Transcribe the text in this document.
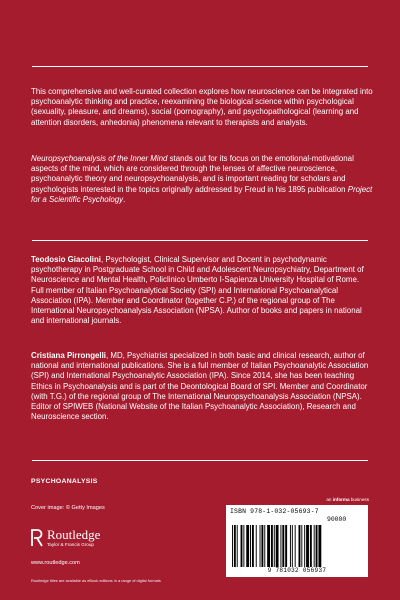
This comprehensive and well-curated collection explores how neuroscience can be integrated into psychoanalytic thinking and practice, reexamining the biological science within psychological (sexuality, pleasure, and dreams), social (pornography), and psychopathological (learning and attention disorders, anhedonia) phenomena relevant to therapists and analysts.

Neuropsychoanalysis of the Inner Mind stands out for its focus on the emotional-motivational aspects of the mind, which are considered through the lenses of affective neuroscience, psychoanalytic theory and neuropsychoanalysis, and is important reading for scholars and psychologists interested in the topics originally addressed by Freud in his 1895 publication Project for a Scientific Psychology.

Teodosio Giacolini, Psychologist, Clinical Supervisor and Docent in psychodynamic psychotherapy in Postgraduate School in Child and Adolescent Neuropsychiatry, Department of Neuroscience and Mental Health, Policlinico Umberto I-Sapienza University Hospital of Rome. Full member of Italian Psychoanalytical Society (SPI) and International Psychoanalytical Association (IPA). Member and Coordinator (together C.P.) of the regional group of The International Neuropsychoanalysis Association (NPSA). Author of books and papers in national and international journals.

Cristiana Pirrongelli, MD, Psychiatrist specialized in both basic and clinical research, author of national and international publications. She is a full member of Italian Psychoanalytic Association (SPI) and International Psychoanalytic Association (IPA). Since 2014, she has been teaching Ethics in Psychoanalysis and is part of the Deontological Board of SPI. Member and Coordinator (with T.G.) of the regional group of The International Neuropsychoanalysis Association (NPSA). Editor of SPIWEB (National Website of the Italian Psychoanalytic Association), Research and Neuroscience section.

PSYCHOANALYSIS
an informa business
Cover image: © Getty Images
Routledge
Taylor & Francis Group
www.routledge.com
Routledge titles are available as eBook editions in a range of digital formats
ISBN 978-1-032-05693-7
90000
9 781032 056937
